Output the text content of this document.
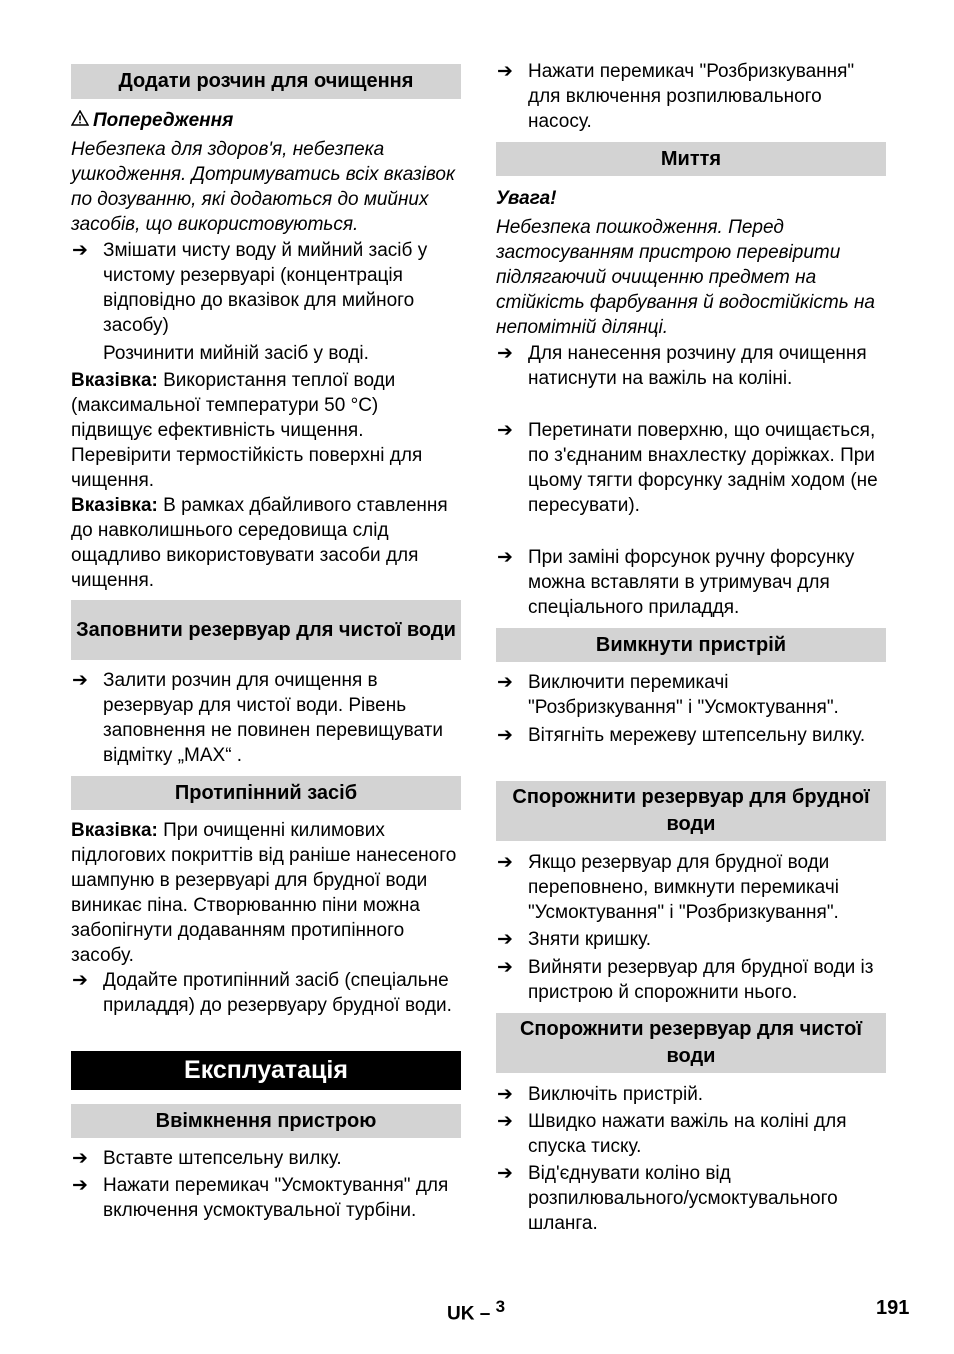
Додати розчин для очищення
Попередження
Небезпека для здоров'я, небезпека ушкодження. Дотримуватись всіх вказівок по дозуванню, які додаються до мийних засобів, що використовуються.
➔ Змішати чисту воду й мийний засіб у чистому резервуарі (концентрація відповідно до вказівок для мийного засобу)
Розчинити мийній засіб у воді.
Вказівка: Використання теплої води (максимальної температури 50 °C) підвищує ефективність чищення. Перевірити термостійкість поверхні для чищення.
Вказівка: В рамках дбайливого ставлення до навколишнього середовища слід ощадливо використовувати засоби для чищення.
Заповнити резервуар для чистої води
➔ Залити розчин для очищення в резервуар для чистої води. Рівень заповнення не повинен перевищувати відмітку „MAX“ .
Протипінний засіб
Вказівка: При очищенні килимових підлогових покриттів від раніше нанесеного шампуню в резервуарі для брудної води виникає піна. Створюванню піни можна забопігнути додаванням протипінного засобу.
➔ Додайте протипінний засіб (спеціальне приладдя) до резервуару брудної води.
Експлуатація
Ввімкнення пристрою
➔ Вставте штепсельну вилку.
➔ Нажати перемикач "Усмоктування" для включення усмоктувальної турбіни.
➔ Нажати перемикач "Розбризкування" для включення розпилювального насосу.
Миття
Увага!
Небезпека пошкодження. Перед застосуванням пристрою перевірити підлягаючий очищенню предмет на стійкість фарбування й водостійкість на непомітній ділянці.
➔ Для нанесення розчину для очищення натиснути на важіль на коліні.
➔ Перетинати поверхню, що очищається, по з'єднаним внахлестку доріжках. При цьому тягти форсунку заднім ходом (не пересувати).
➔ При заміні форсунок ручну форсунку можна вставляти в утримувач для спеціального приладдя.
Вимкнути пристрій
➔ Виключити перемикачі "Розбризкування" і "Усмоктування".
➔ Вітягніть мережеву штепсельну вилку.
Спорожнити резервуар для брудної води
➔ Якщо резервуар для брудної води переповнено, вимкнути перемикачі "Усмоктування" і "Розбризкування".
➔ Зняти кришку.
➔ Вийняти резервуар для брудної води із пристрою й спорожнити нього.
Спорожнити резервуар для чистої води
➔ Виключіть пристрій.
➔ Швидко нажати важіль на коліні для спуска тиску.
➔ Від'єднувати коліно від розпилювального/усмоктувального шланга.
UK – $^3$	191
